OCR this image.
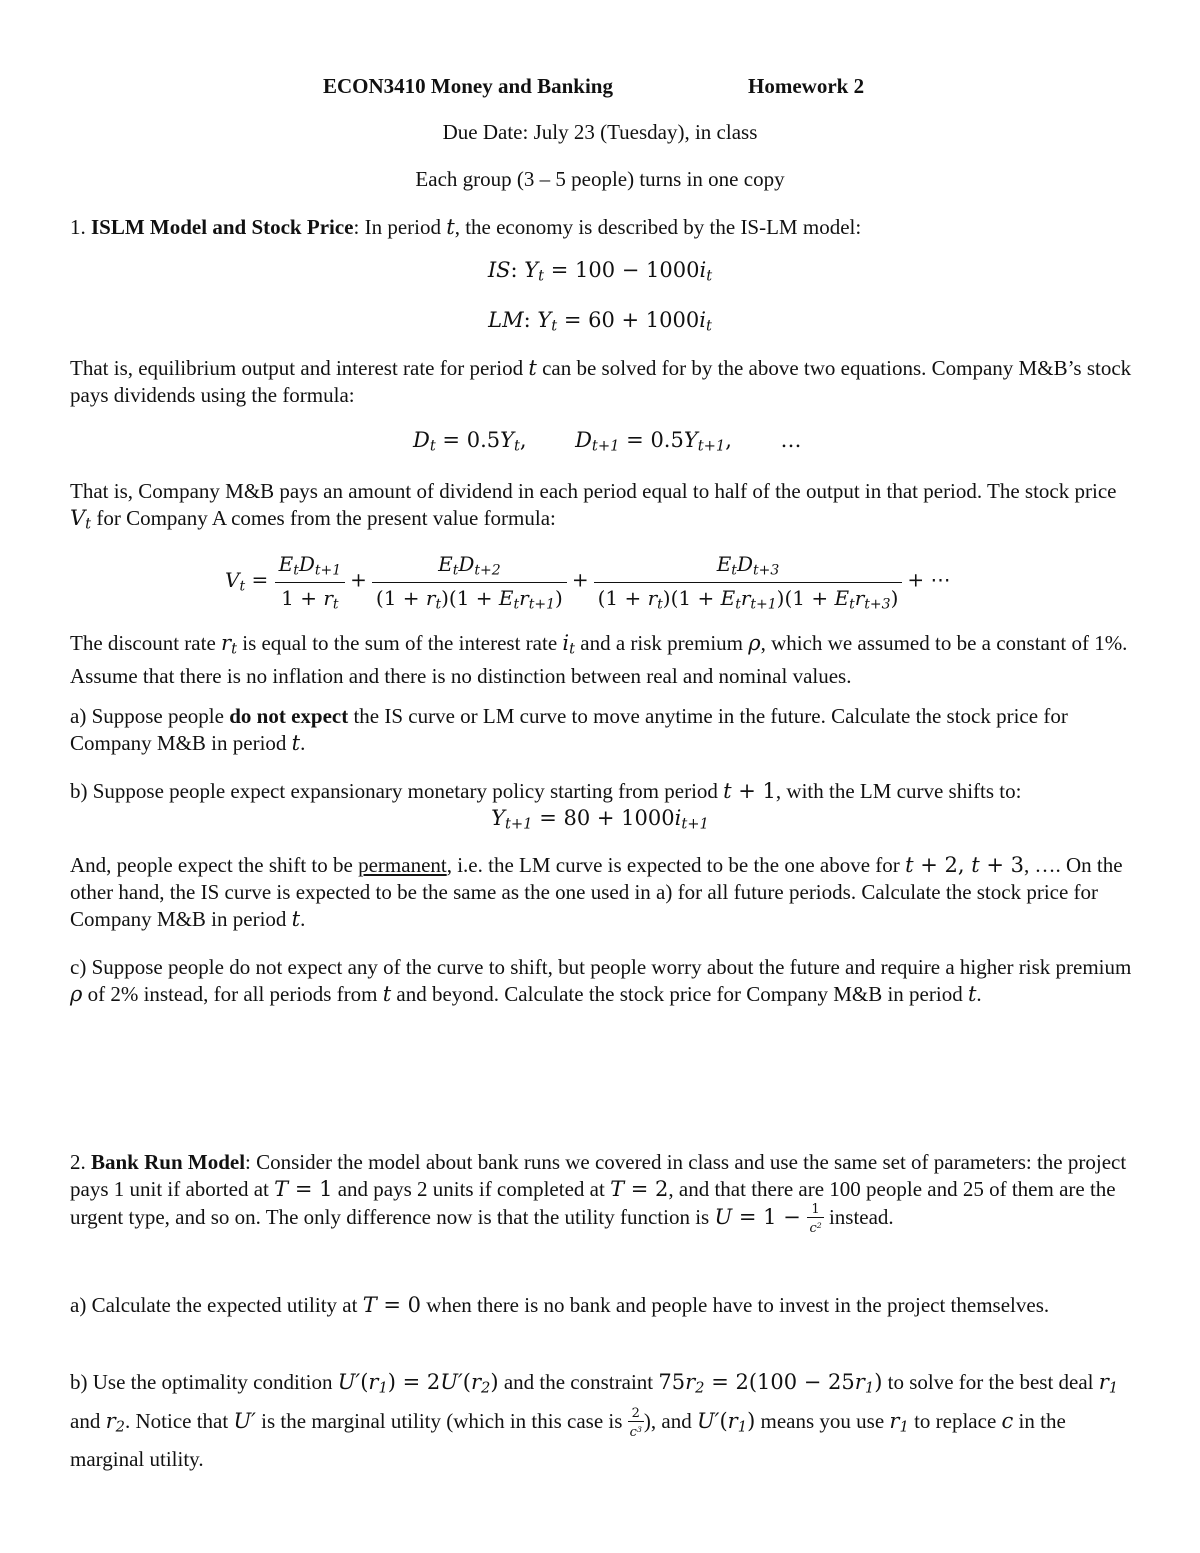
ECON3410 Money and Banking	Homework 2
Due Date: July 23 (Tuesday), in class
Each group (3 – 5 people) turns in one copy
1. ISLM Model and Stock Price: In period t, the economy is described by the IS-LM model:
IS: $Y_t = 100 - 1000i_t$
LM: $Y_t = 60 + 1000i_t$
That is, equilibrium output and interest rate for period t can be solved for by the above two equations. Company M&B’s stock pays dividends using the formula:
$D_t = 0.5Y_t$, $D_{t+1} = 0.5Y_{t+1}$, …
That is, Company M&B pays an amount of dividend in each period equal to half of the output in that period. The stock price $V_t$ for Company A comes from the present value formula:
$V_t = \frac{E_tD_{t+1}}{1 + r_t} + \frac{E_tD_{t+2}}{(1 + r_t)(1 + E_tr_{t+1})} + \frac{E_tD_{t+3}}{(1 + r_t)(1 + E_tr_{t+1})(1 + E_tr_{t+3})}$ + ⋯
The discount rate $r_t$ is equal to the sum of the interest rate $i_t$ and a risk premium ρ, which we assumed to be a constant of 1%. Assume that there is no inflation and there is no distinction between real and nominal values.
a) Suppose people do not expect the IS curve or LM curve to move anytime in the future. Calculate the stock price for Company M&B in period t.
b) Suppose people expect expansionary monetary policy starting from period t + 1, with the LM curve shifts to:
$Y_{t+1} = 80 + 1000i_{t+1}$
And, people expect the shift to be permanent, i.e. the LM curve is expected to be the one above for t + 2, t + 3, …. On the other hand, the IS curve is expected to be the same as the one used in a) for all future periods. Calculate the stock price for Company M&B in period t.
c) Suppose people do not expect any of the curve to shift, but people worry about the future and require a higher risk premium ρ of 2% instead, for all periods from t and beyond. Calculate the stock price for Company M&B in period t.
2. Bank Run Model: Consider the model about bank runs we covered in class and use the same set of parameters: the project pays 1 unit if aborted at T = 1 and pays 2 units if completed at T = 2, and that there are 100 people and 25 of them are the urgent type, and so on. The only difference now is that the utility function is $U = 1 - \frac{1}{c^2}$ instead.
a) Calculate the expected utility at T = 0 when there is no bank and people have to invest in the project themselves.
b) Use the optimality condition $U'(r_1) = 2U'(r_2)$ and the constraint $75r_2 = 2(100 - 25r_1)$ to solve for the best deal $r_1$ and $r_2$. Notice that U′ is the marginal utility (which in this case is $\frac{2}{c^3}$ ), and $U'(r_1)$ means you use $r_1$ to replace c in the marginal utility.
